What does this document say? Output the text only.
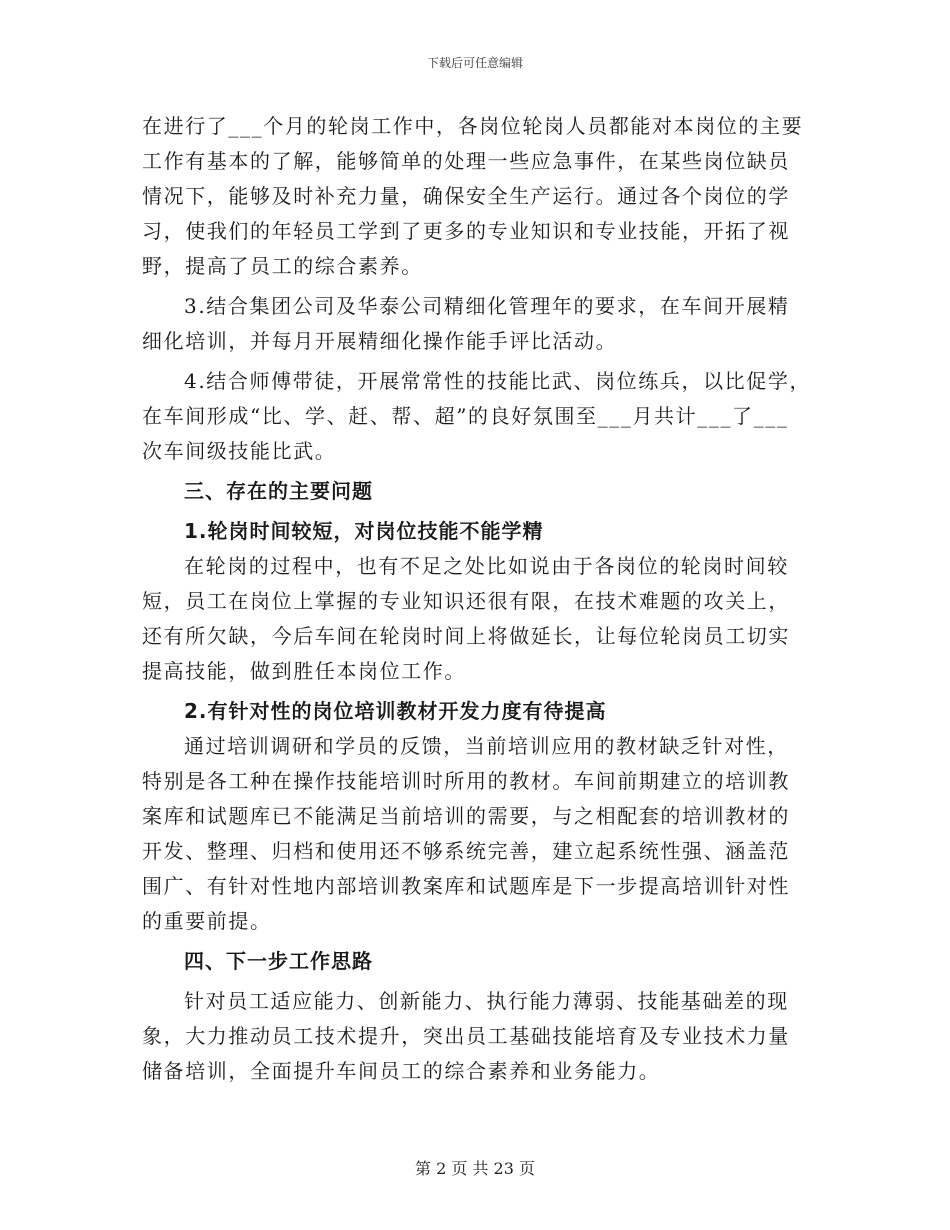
下载后可任意编辑
在进行了___个月的轮岗工作中，各岗位轮岗人员都能对本岗位的主要
工作有基本的了解，能够简单的处理一些应急事件，在某些岗位缺员
情况下，能够及时补充力量，确保安全生产运行。通过各个岗位的学
习，使我们的年轻员工学到了更多的专业知识和专业技能，开拓了视
野，提高了员工的综合素养。
3.结合集团公司及华泰公司精细化管理年的要求，在车间开展精
细化培训，并每月开展精细化操作能手评比活动。
4.结合师傅带徒，开展常常性的技能比武、岗位练兵，以比促学，
在车间形成“比、学、赶、帮、超”的良好氛围至___月共计___了___
次车间级技能比武。
三、存在的主要问题
1.轮岗时间较短，对岗位技能不能学精
在轮岗的过程中，也有不足之处比如说由于各岗位的轮岗时间较
短，员工在岗位上掌握的专业知识还很有限，在技术难题的攻关上，
还有所欠缺，今后车间在轮岗时间上将做延长，让每位轮岗员工切实
提高技能，做到胜任本岗位工作。
2.有针对性的岗位培训教材开发力度有待提高
通过培训调研和学员的反馈，当前培训应用的教材缺乏针对性，
特别是各工种在操作技能培训时所用的教材。车间前期建立的培训教
案库和试题库已不能满足当前培训的需要，与之相配套的培训教材的
开发、整理、归档和使用还不够系统完善，建立起系统性强、涵盖范
围广、有针对性地内部培训教案库和试题库是下一步提高培训针对性
的重要前提。
四、下一步工作思路
针对员工适应能力、创新能力、执行能力薄弱、技能基础差的现
象，大力推动员工技术提升，突出员工基础技能培育及专业技术力量
储备培训，全面提升车间员工的综合素养和业务能力。
第 2 页 共 23 页
